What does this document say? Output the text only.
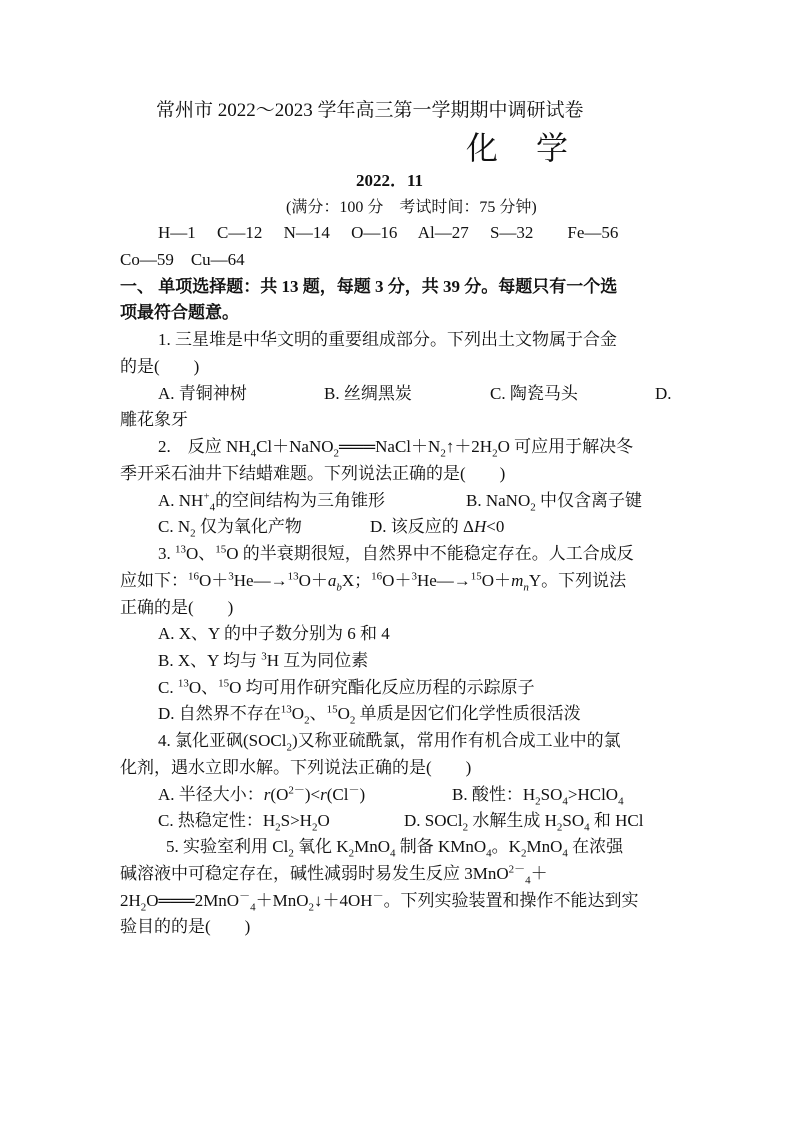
常州市 2022～2023 学年高三第一学期期中调研试卷
化学
2022．11
(满分：100 分　考试时间：75 分钟)
H—1　 C—12　 N—14　 O—16　 Al—27　 S—32　　Fe—56
Co—59　Cu—64
一、 单项选择题：共 13 题，每题 3 分，共 39 分。每题只有一个选
项最符合题意。
1. 三星堆是中华文明的重要组成部分。下列出土文物属于合金
的是(　　)
A. 青铜神树	B. 丝绸黑炭	C. 陶瓷马头	D.
雕花象牙
2.　 反应 $NH_4Cl+NaNO_2═══NaCl+N_2↑+2H_2O$ 可应用于解决冬
季开采石油井下结蜡难题。下列说法正确的是(　　)
A. $NH^+_4$的空间结构为三角锥形	B. NaNO$_2$ 中仅含离子键
C. $N_2$ 仅为氧化产物	D. 该反应的 ΔH<0
3. $^{13}$O、$^{15}$O 的半衰期很短，自然界中不能稳定存在。人工合成反
应如下：$^{16}O+^3He―\to^{13}O+a_bX$；$^{16}O+^3He―\to^{15}O+m_nY$。下列说法
正确的是(　　)
A. X、Y 的中子数分别为 6 和 4
B. X、Y 均与 $^3$H 互为同位素
C. $^{13}$O、$^{15}$O 均可用作研究酯化反应历程的示踪原子
D. 自然界不存在$^{13}O_2$、$^{15}O_2$ 单质是因它们化学性质很活泼
4. 氯化亚砜(SOCl$_2$)又称亚硫酰氯，常用作有机合成工业中的氯
化剂，遇水立即水解。下列说法正确的是(　　)
A. 半径大小：$r(O^{2-})<r(Cl^-)$	B. 酸性：$H_2SO_4>HClO_4$
C. 热稳定性：$H_2S>H_2O$	D. SOCl$_2$ 水解生成 $H_2SO_4$ 和 HCl
5. 实验室利用 $Cl_2$ 氧化 $K_2MnO_4$ 制备 KMnO$_4$。$K_2MnO_4$ 在浓强
碱溶液中可稳定存在，碱性减弱时易发生反应 3MnO$^{2-}_4$＋
$2H_2O═══2MnO^-_4+MnO_2↓+4OH^-$。下列实验装置和操作不能达到实
验目的的是(　　)
